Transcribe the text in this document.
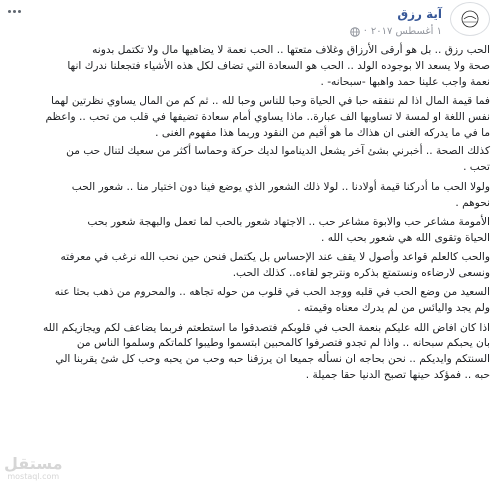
آية رزق
١ أغسطس ٢٠١٧
·

الحب رزق .. بل هو أرقى الأرزاق وغلاف متعتها .. الحب نعمة لا يضاهيها مال ولا تكتمل بدونه
صحة ولا يسعد الا بوجوده الولد .. الحب هو السعادة التي تضاف لكل هذه الأشياء فتجعلنا ندرك انها
نعمة واجب علينا حمد واهبها -سبحانه- .

فما قيمة المال اذا لم ننفقه حبا في الحياة وحبا للناس وحبا لله .. ثم كم من المال يساوي نظرتين لهما
نفس اللغة او لمسة لا تساويها الف عبارة.. ماذا يساوي أمام سعادة تضيفها في قلب من تحب .. واعظم
ما في ما يدركه الغنى ان هذاك ما هو أقيم من النقود وربما هذا مفهوم الغنى .

كذلك الصحة .. أخبرني بشئ آخر يشعل الديناموا لديك حركة وحماسا أكثر من سعيك لتنال حب من
تحب .

ولولا الحب ما أدركنا قيمة أولادنا .. لولا ذلك الشعور الذي يوضع فينا دون اختيار منا .. شعور الحب
نحوهم .

الأمومة مشاعر حب والابوة مشاعر حب .. الاجتهاد شعور بالحب لما تعمل والبهجة شعور بحب
الحياة وتقوى الله هي شعور بحب الله .

والحب كالعلم قواعد وأصول لا يقف عند الإحساس بل يكتمل فنحن حين نحب الله نرغب في معرفته
ونسعى لارضاءه ونستمتع بذكره ونترجو لقاءه.. كذلك الحب.

السعيد من وضع الحب في قلبه ووجد الحب في قلوب من حوله تجاهه .. والمحروم من ذهب بحثا عنه
ولم يجد واليائس من لم يدرك معناه وقيمته .

اذا كان افاض الله عليكم بنعمة الحب في قلوبكم فتصدقوا ما استطعتم فربما يضاعف لكم ويجازيكم الله
بان يحبكم سبحانه .. واذا لم تجدو فتصرفوا كالمحبين ابتسموا وطيبوا كلماتكم وسلموا الناس من
السنتكم وايديكم .. نحن بحاجه ان نسأله جميعا ان يرزقنا حبه وحب من يحبه وحب كل شئ يقربنا الي
حبه .. فمؤكد حينها تصبح الدنيا حقا جميلة .

مستقل
mostaql.com
